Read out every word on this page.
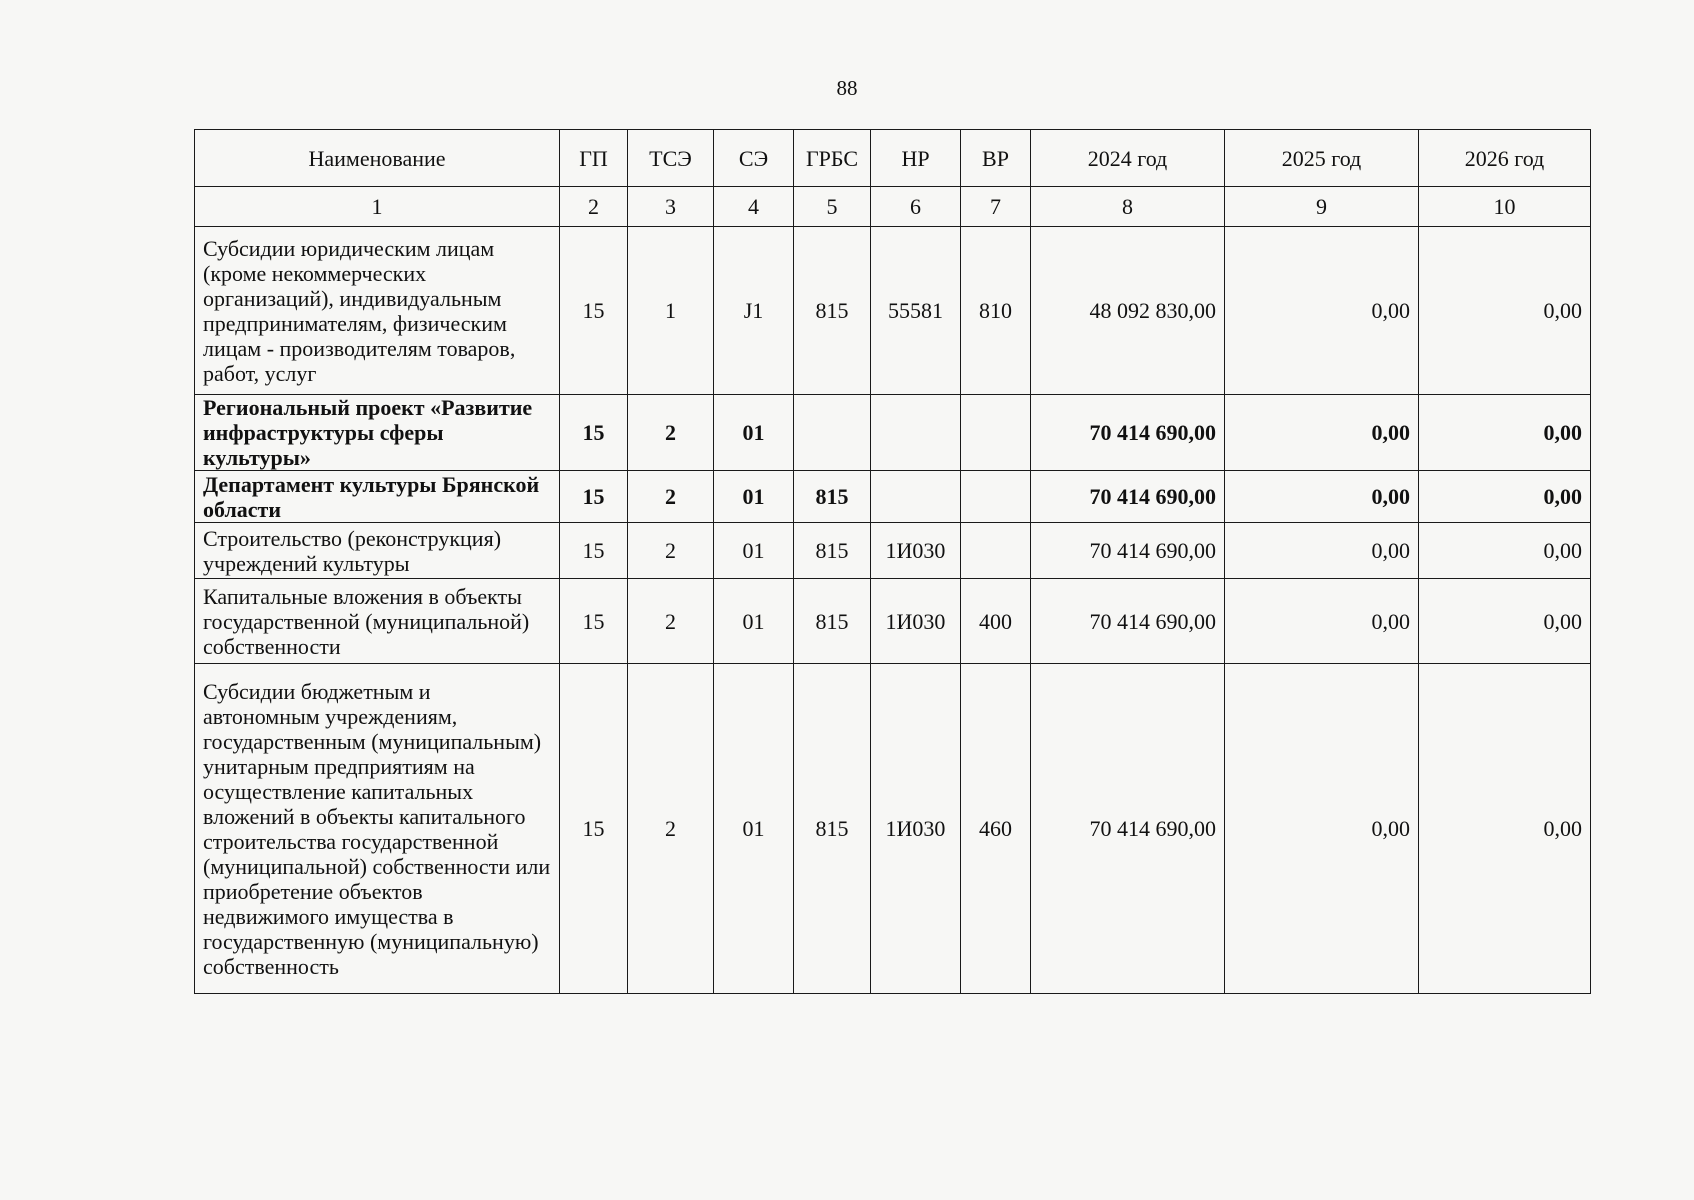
88
Наименование	ГП	ТСЭ	СЭ	ГРБС	НР	ВР	2024 год	2025 год	2026 год
1	2	3	4	5	6	7	8	9	10
Субсидии юридическим лицам (кроме некоммерческих организаций), индивидуальным предпринимателям, физическим лицам - производителям товаров, работ, услуг	15	1	J1	815	55581	810	48 092 830,00	0,00	0,00
Региональный проект «Развитие инфраструктуры сферы культуры»	15	2	01				70 414 690,00	0,00	0,00
Департамент культуры Брянской области	15	2	01	815			70 414 690,00	0,00	0,00
Строительство (реконструкция) учреждений культуры	15	2	01	815	1И030		70 414 690,00	0,00	0,00
Капитальные вложения в объекты государственной (муниципальной) собственности	15	2	01	815	1И030	400	70 414 690,00	0,00	0,00
Субсидии бюджетным и автономным учреждениям, государственным (муниципальным) унитарным предприятиям на осуществление капитальных вложений в объекты капитального строительства государственной (муниципальной) собственности или приобретение объектов недвижимого имущества в государственную (муниципальную) собственность	15	2	01	815	1И030	460	70 414 690,00	0,00	0,00
